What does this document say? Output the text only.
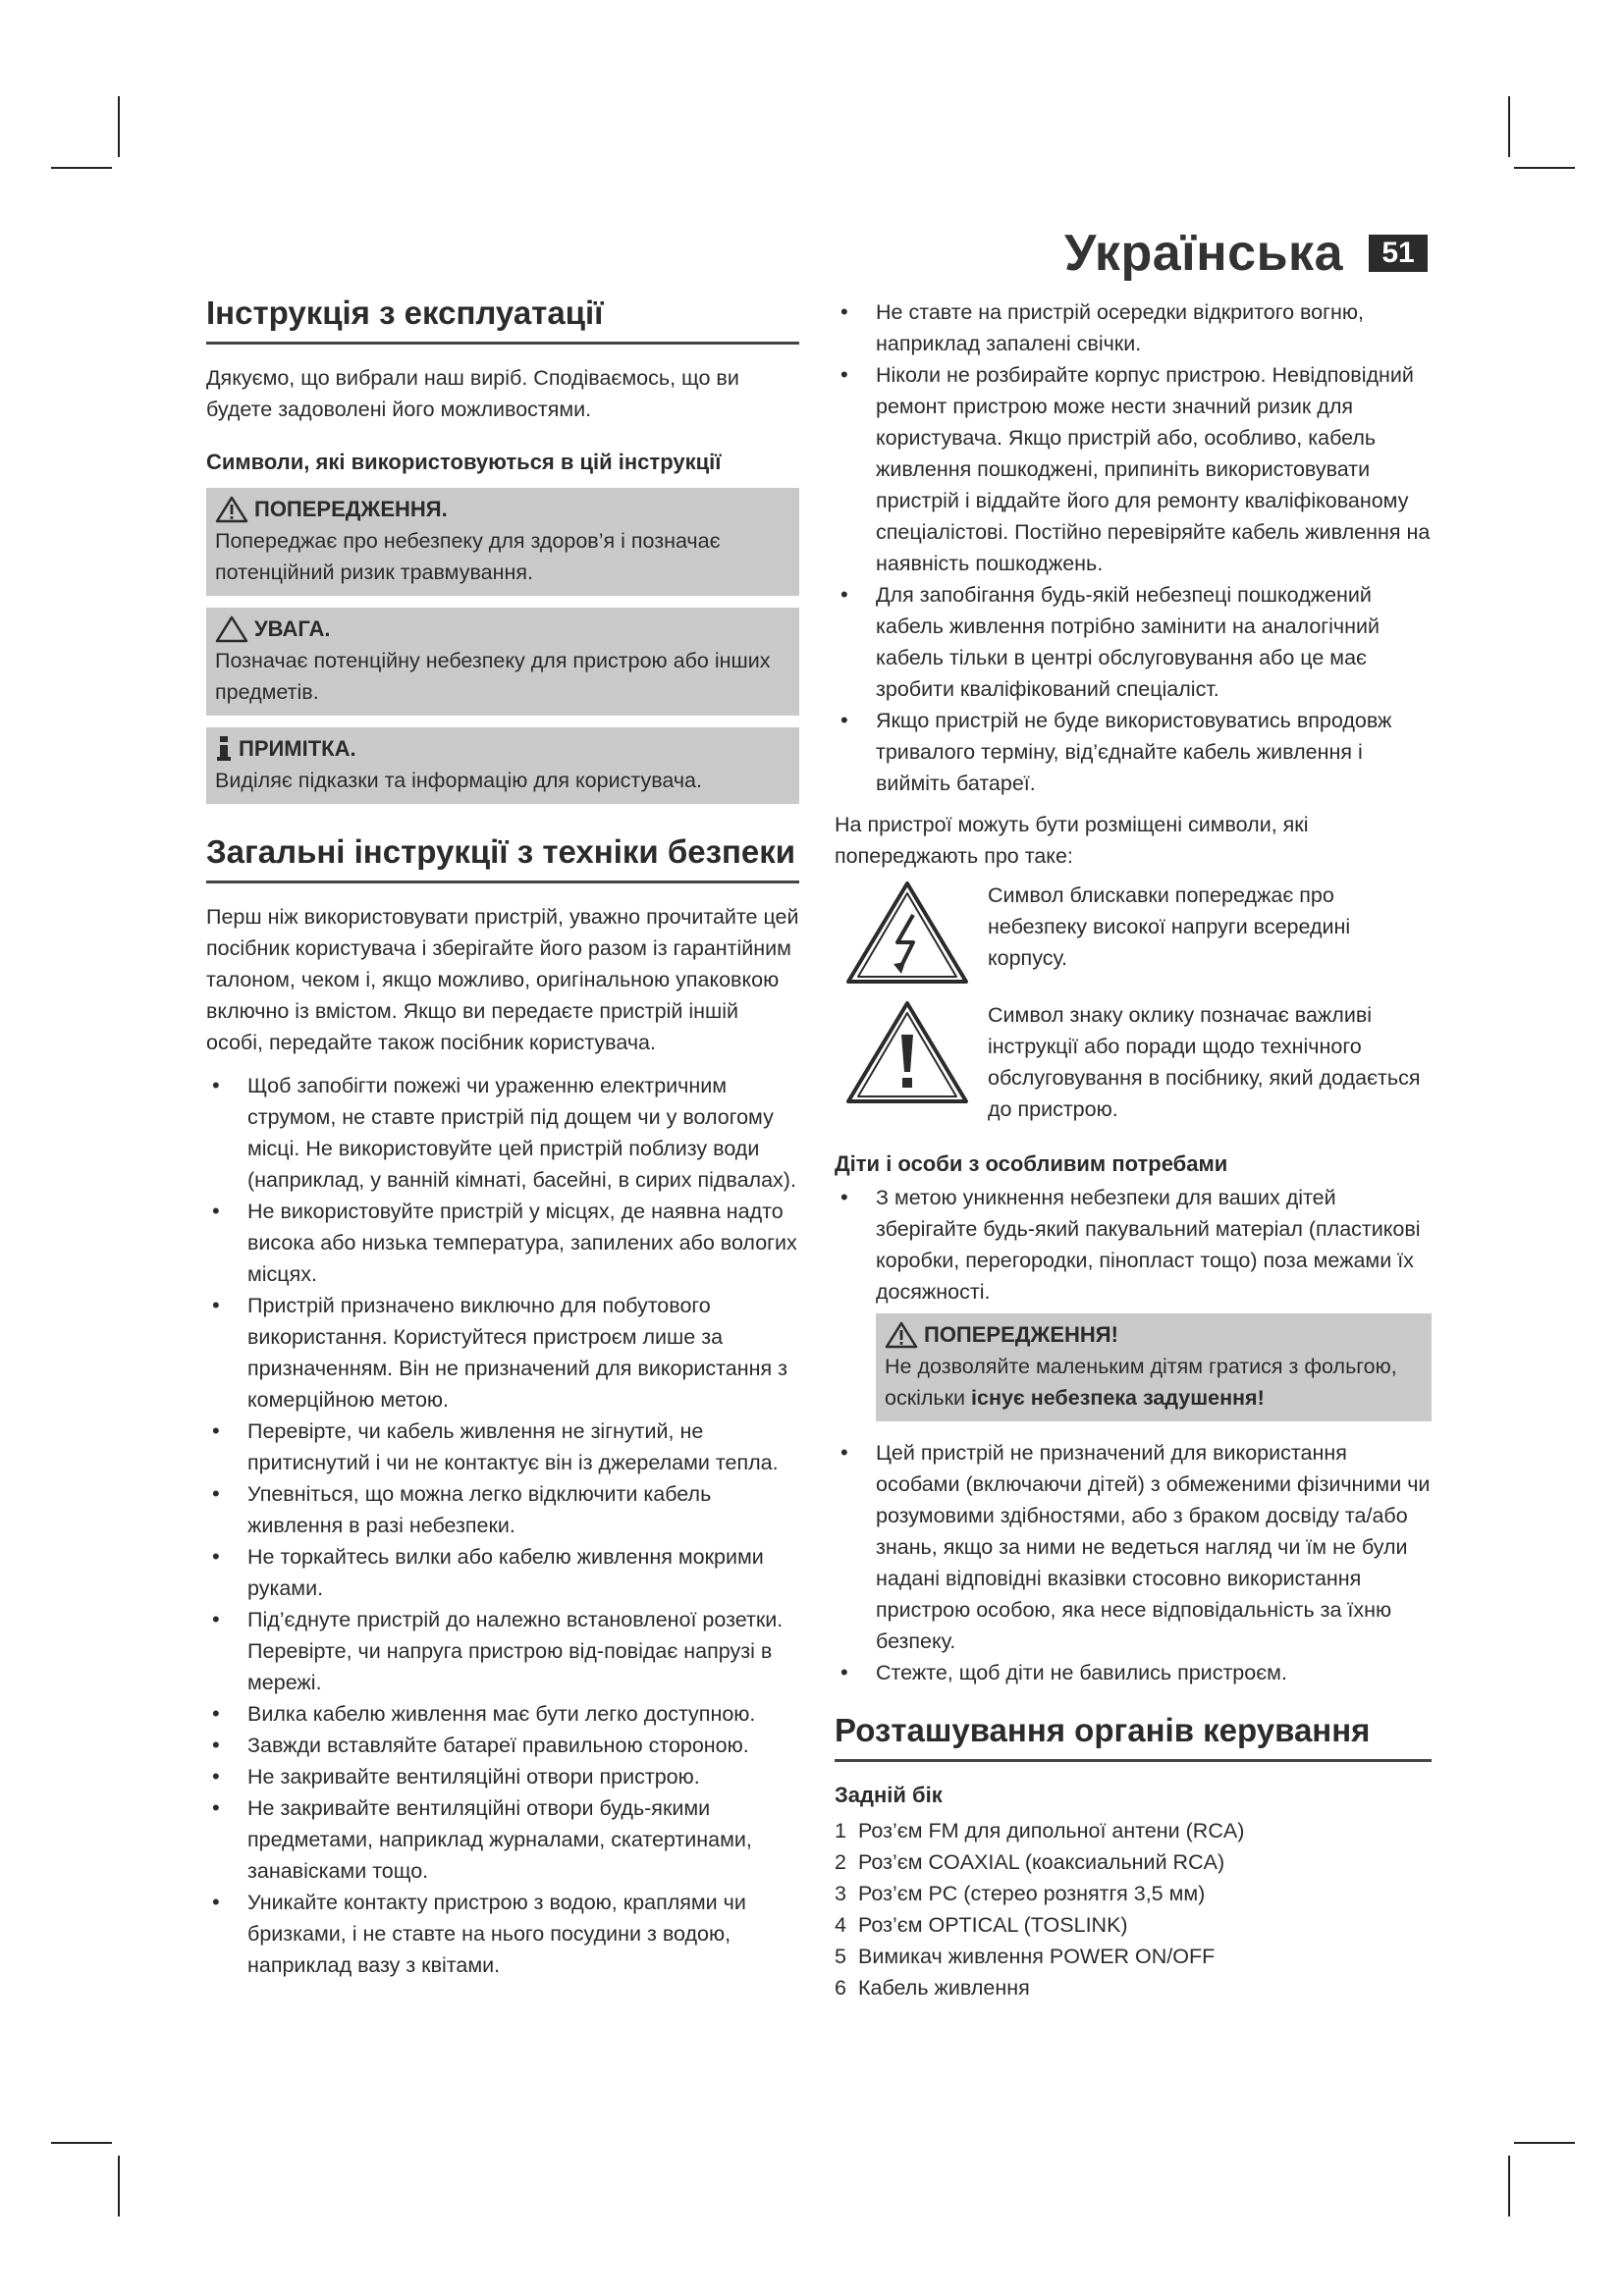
Українська	51
Інструкція з експлуатації

Дякуємо, що вибрали наш виріб. Сподіваємось, що ви будете задоволені його можливостями.

Символи, які використовуються в цій інструкції
ПОПЕРЕДЖЕННЯ.
Попереджає про небезпеку для здоров’я і позначає потенційний ризик травмування.
УВАГА.
Позначає потенційну небезпеку для пристрою або інших предметів.
ПРИМІТКА.
Виділяє підказки та інформацію для користувача.
Загальні інструкції з техніки безпеки

Перш ніж використовувати пристрій, уважно прочитайте цей посібник користувача і зберігайте його разом із гарантійним талоном, чеком і, якщо можливо, оригінальною упаковкою включно із вмістом. Якщо ви передаєте пристрій іншій особі, передайте також посібник користувача.

• Щоб запобігти пожежі чи ураженню електричним струмом, не ставте пристрій під дощем чи у вологому місці. Не використовуйте цей пристрій поблизу води (наприклад, у ванній кімнаті, басейні, в сирих підвалах).
• Не використовуйте пристрій у місцях, де наявна надто висока або низька температура, запилених або вологих місцях.
• Пристрій призначено виключно для побутового використання. Користуйтеся пристроєм лише за призначенням. Він не призначений для використання з комерційною метою.
• Перевірте, чи кабель живлення не зігнутий, не притиснутий і чи не контактує він із джерелами тепла.
• Упевніться, що можна легко відключити кабель живлення в разі небезпеки.
• Не торкайтесь вилки або кабелю живлення мокрими руками.
• Під’єднуте пристрій до належно встановленої розетки. Перевірте, чи напруга пристрою від-повідає напрузі в мережі.
• Вилка кабелю живлення має бути легко доступною.
• Завжди вставляйте батареї правильною стороною.
• Не закривайте вентиляційні отвори пристрою.
• Не закривайте вентиляційні отвори будь-якими предметами, наприклад журналами, скатертинами, занавісками тощо.
• Уникайте контакту пристрою з водою, краплями чи бризками, і не ставте на нього посудини з водою, наприклад вазу з квітами.
• Не ставте на пристрій осередки відкритого вогню, наприклад запалені свічки.
• Ніколи не розбирайте корпус пристрою. Невідповідний ремонт пристрою може нести значний ризик для користувача. Якщо пристрій або, особливо, кабель живлення пошкоджені, припиніть використовувати пристрій і віддайте його для ремонту кваліфікованому спеціалістові. Постійно перевіряйте кабель живлення на наявність пошкоджень.
• Для запобігання будь-якій небезпеці пошкоджений кабель живлення потрібно замінити на аналогічний кабель тільки в центрі обслуговування або це має зробити кваліфікований спеціаліст.
• Якщо пристрій не буде використовуватись впродовж тривалого терміну, від’єднайте кабель живлення і вийміть батареї.

На пристрої можуть бути розміщені символи, які попереджають про таке:

Символ блискавки попереджає про небезпеку високої напруги всередині корпусу.
Символ знаку оклику позначає важливі інструкції або поради щодо технічного обслуговування в посібнику, який додається до пристрою.
Діти і особи з особливим потребами
• З метою уникнення небезпеки для ваших дітей зберігайте будь-який пакувальний матеріал (пластикові коробки, перегородки, пінопласт тощо) поза межами їх досяжності.
ПОПЕРЕДЖЕННЯ!
Не дозволяйте маленьким дітям гратися з фольгою, оскільки існує небезпека задушення!
• Цей пристрій не призначений для використання особами (включаючи дітей) з обмеженими фізичними чи розумовими здібностями, або з браком досвіду та/або знань, якщо за ними не ведеться нагляд чи їм не були надані відповідні вказівки стосовно використання пристрою особою, яка несе відповідальність за їхню безпеку.
• Стежте, щоб діти не бавились пристроєм.
Розташування органів керування
Задній бік
1 Роз’єм FM для дипольної антени (RCA)
2 Роз’єм COAXIAL (коаксиальний RCA)
3 Роз’єм PC (стерео рознятгя 3,5 мм)
4 Роз’єм OPTICAL (TOSLINK)
5 Вимикач живлення POWER ON/OFF
6 Кабель живлення
